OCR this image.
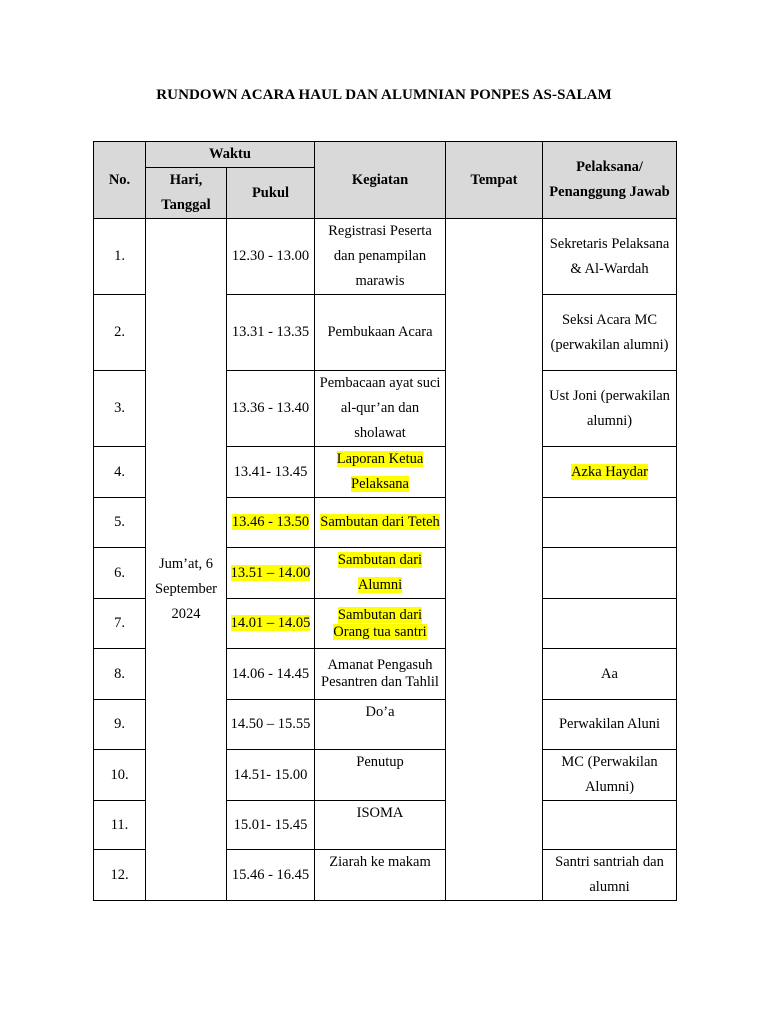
RUNDOWN ACARA HAUL DAN ALUMNIAN PONPES AS-SALAM
No.	Waktu		Kegiatan	Tempat	Pelaksana/ Penanggung Jawab
	Hari, Tanggal	Pukul			
1.	Jum’at, 6 September 2024	12.30 - 13.00	Registrasi Peserta dan penampilan marawis		Sekretaris Pelaksana & Al-Wardah
2.		13.31 - 13.35	Pembukaan Acara		Seksi Acara MC (perwakilan alumni)
3.		13.36 - 13.40	Pembacaan ayat suci al-qur’an dan sholawat		Ust Joni (perwakilan alumni)
4.		13.41- 13.45	Laporan Ketua Pelaksana		Azka Haydar
5.		13.46 - 13.50	Sambutan dari Teteh		
6.		13.51 – 14.00	Sambutan dari Alumni		
7.		14.01 – 14.05	Sambutan dari Orang tua santri		
8.		14.06 - 14.45	Amanat Pengasuh Pesantren dan Tahlil		Aa
9.		14.50 – 15.55	Do’a		Perwakilan Aluni
10.		14.51- 15.00	Penutup		MC (Perwakilan Alumni)
11.		15.01- 15.45	ISOMA		
12.		15.46 - 16.45	Ziarah ke makam		Santri santriah dan alumni
